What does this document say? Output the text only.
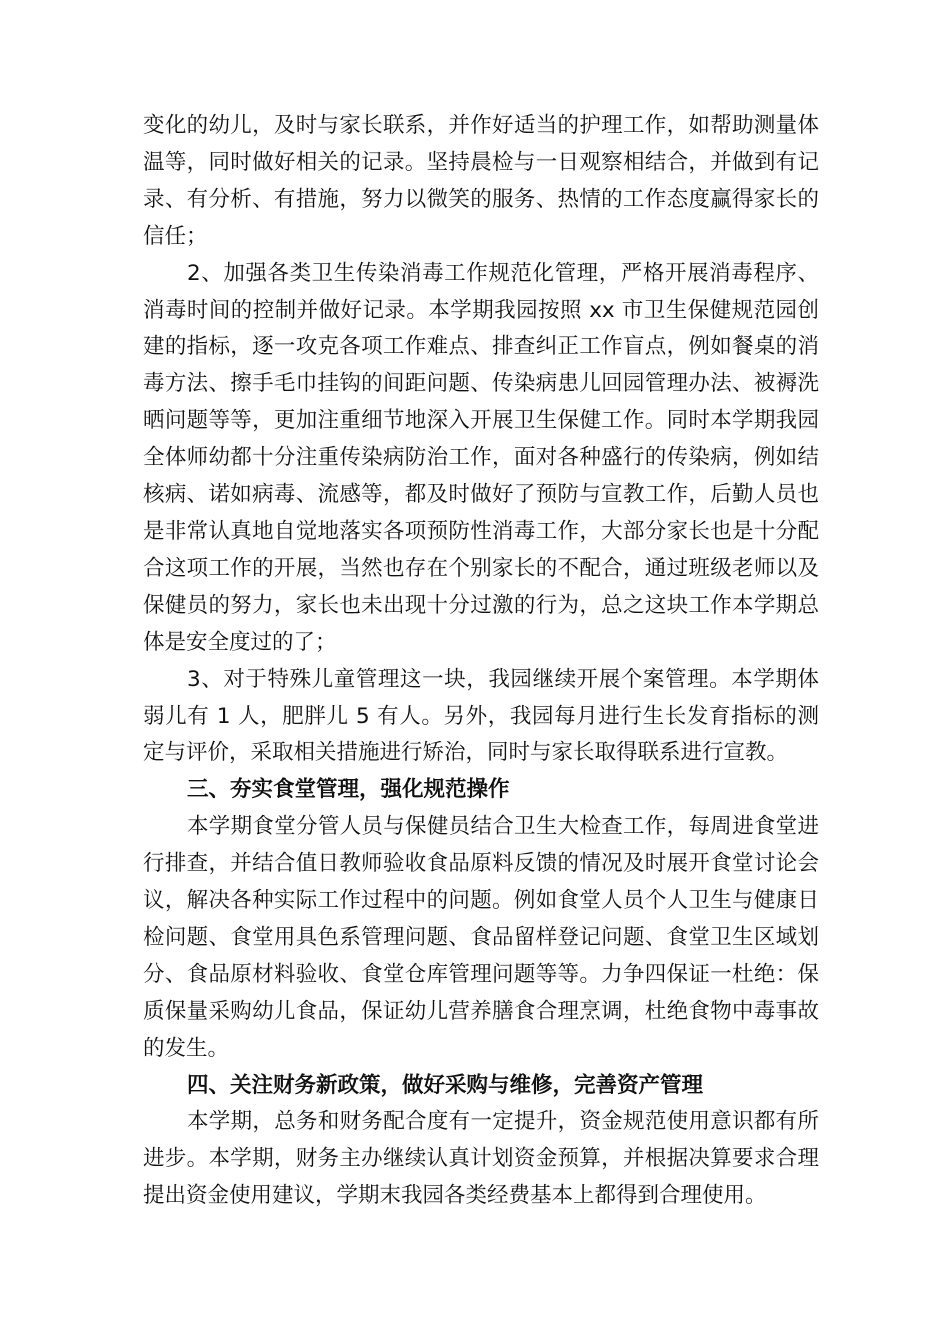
变化的幼儿，及时与家长联系，并作好适当的护理工作，如帮助测量体温等，同时做好相关的记录。坚持晨检与一日观察相结合，并做到有记录、有分析、有措施，努力以微笑的服务、热情的工作态度赢得家长的信任；

2、加强各类卫生传染消毒工作规范化管理，严格开展消毒程序、消毒时间的控制并做好记录。本学期我园按照 xx 市卫生保健规范园创建的指标，逐一攻克各项工作难点、排查纠正工作盲点，例如餐桌的消毒方法、擦手毛巾挂钩的间距问题、传染病患儿回园管理办法、被褥洗晒问题等等，更加注重细节地深入开展卫生保健工作。同时本学期我园全体师幼都十分注重传染病防治工作，面对各种盛行的传染病，例如结核病、诺如病毒、流感等，都及时做好了预防与宣教工作，后勤人员也是非常认真地自觉地落实各项预防性消毒工作，大部分家长也是十分配合这项工作的开展，当然也存在个别家长的不配合，通过班级老师以及保健员的努力，家长也未出现十分过激的行为，总之这块工作本学期总体是安全度过的了；

3、对于特殊儿童管理这一块，我园继续开展个案管理。本学期体弱儿有 1 人，肥胖儿 5 有人。另外，我园每月进行生长发育指标的测定与评价，采取相关措施进行矫治，同时与家长取得联系进行宣教。

三、夯实食堂管理，强化规范操作

本学期食堂分管人员与保健员结合卫生大检查工作，每周进食堂进行排查，并结合值日教师验收食品原料反馈的情况及时展开食堂讨论会议，解决各种实际工作过程中的问题。例如食堂人员个人卫生与健康日检问题、食堂用具色系管理问题、食品留样登记问题、食堂卫生区域划分、食品原材料验收、食堂仓库管理问题等等。力争四保证一杜绝：保质保量采购幼儿食品，保证幼儿营养膳食合理烹调，杜绝食物中毒事故的发生。

四、关注财务新政策，做好采购与维修，完善资产管理

本学期，总务和财务配合度有一定提升，资金规范使用意识都有所进步。本学期，财务主办继续认真计划资金预算，并根据决算要求合理提出资金使用建议，学期末我园各类经费基本上都得到合理使用。
